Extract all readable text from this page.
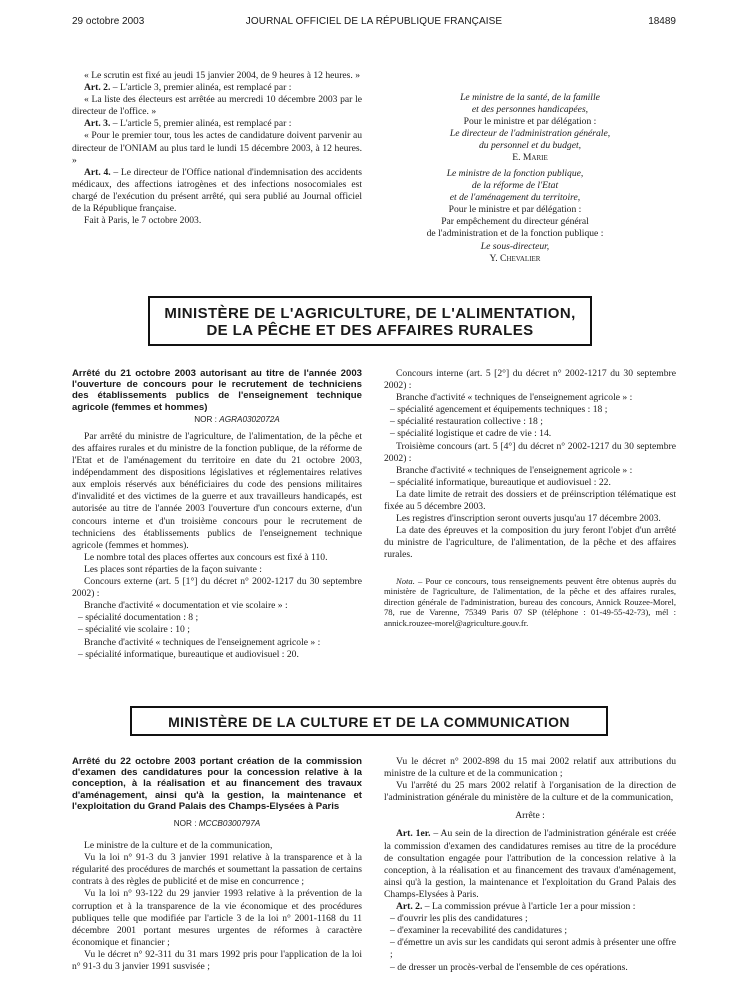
29 octobre 2003	JOURNAL OFFICIEL DE LA RÉPUBLIQUE FRANÇAISE	18489

« Le scrutin est fixé au jeudi 15 janvier 2004, de 9 heures à 12 heures. »

Art. 2. – L'article 3, premier alinéa, est remplacé par :

« La liste des électeurs est arrêtée au mercredi 10 décembre 2003 par le directeur de l'office. »

Art. 3. – L'article 5, premier alinéa, est remplacé par :

« Pour le premier tour, tous les actes de candidature doivent parvenir au directeur de l'ONIAM au plus tard le lundi 15 décembre 2003, à 12 heures. »

Art. 4. – Le directeur de l'Office national d'indemnisation des accidents médicaux, des affections iatrogènes et des infections nosocomiales est chargé de l'exécution du présent arrêté, qui sera publié au Journal officiel de la République française.

Fait à Paris, le 7 octobre 2003.

Le ministre de la santé, de la famille

et des personnes handicapées,

Pour le ministre et par délégation :

Le directeur de l'administration générale,

du personnel et du budget,

E. Marie

Le ministre de la fonction publique,

de la réforme de l'Etat

et de l'aménagement du territoire,

Pour le ministre et par délégation :

Par empêchement du directeur général

de l'administration et de la fonction publique :

Le sous-directeur,

Y. Chevalier

MINISTÈRE DE L'AGRICULTURE, DE L'ALIMENTATION,

DE LA PÊCHE ET DES AFFAIRES RURALES

Arrêté du 21 octobre 2003 autorisant au titre de l'année 2003 l'ouverture de concours pour le recrutement de techniciens des établissements publics de l'enseignement technique agricole (femmes et hommes)

NOR : AGRA0302072A

Par arrêté du ministre de l'agriculture, de l'alimentation, de la pêche et des affaires rurales et du ministre de la fonction publique, de la réforme de l'Etat et de l'aménagement du territoire en date du 21 octobre 2003, indépendamment des dispositions législatives et réglementaires relatives aux emplois réservés aux bénéficiaires du code des pensions militaires d'invalidité et des victimes de la guerre et aux travailleurs handicapés, est autorisée au titre de l'année 2003 l'ouverture d'un concours externe, d'un concours interne et d'un troisième concours pour le recrutement de techniciens des établissements publics de l'enseignement technique agricole (femmes et hommes).

Le nombre total des places offertes aux concours est fixé à 110.

Les places sont réparties de la façon suivante :

Concours externe (art. 5 [1°] du décret n° 2002-1217 du 30 septembre 2002) :

Branche d'activité « documentation et vie scolaire » :

– spécialité documentation : 8 ;

– spécialité vie scolaire : 10 ;

Branche d'activité « techniques de l'enseignement agricole » :

– spécialité informatique, bureautique et audiovisuel : 20.

Concours interne (art. 5 [2°] du décret n° 2002-1217 du 30 septembre 2002) :

Branche d'activité « techniques de l'enseignement agricole » :

– spécialité agencement et équipements techniques : 18 ;

– spécialité restauration collective : 18 ;

– spécialité logistique et cadre de vie : 14.

Troisième concours (art. 5 [4°] du décret n° 2002-1217 du 30 septembre 2002) :

Branche d'activité « techniques de l'enseignement agricole » :

– spécialité informatique, bureautique et audiovisuel : 22.

La date limite de retrait des dossiers et de préinscription télématique est fixée au 5 décembre 2003.

Les registres d'inscription seront ouverts jusqu'au 17 décembre 2003.

La date des épreuves et la composition du jury feront l'objet d'un arrêté du ministre de l'agriculture, de l'alimentation, de la pêche et des affaires rurales.

Nota. – Pour ce concours, tous renseignements peuvent être obtenus auprès du ministère de l'agriculture, de l'alimentation, de la pêche et des affaires rurales, direction générale de l'administration, bureau des concours, Annick Rouzee-Morel, 78, rue de Varenne, 75349 Paris 07 SP (téléphone : 01-49-55-42-73), mél : annick.rouzee-morel@agriculture.gouv.fr.

MINISTÈRE DE LA CULTURE ET DE LA COMMUNICATION

Arrêté du 22 octobre 2003 portant création de la commission d'examen des candidatures pour la concession relative à la conception, à la réalisation et au financement des travaux d'aménagement, ainsi qu'à la gestion, la maintenance et l'exploitation du Grand Palais des Champs-Elysées à Paris

NOR : MCCB0300797A

Le ministre de la culture et de la communication,

Vu la loi n° 91-3 du 3 janvier 1991 relative à la transparence et à la régularité des procédures de marchés et soumettant la passation de certains contrats à des règles de publicité et de mise en concurrence ;

Vu la loi n° 93-122 du 29 janvier 1993 relative à la prévention de la corruption et à la transparence de la vie économique et des procédures publiques telle que modifiée par l'article 3 de la loi n° 2001-1168 du 11 décembre 2001 portant mesures urgentes de réformes à caractère économique et financier ;

Vu le décret n° 92-311 du 31 mars 1992 pris pour l'application de la loi n° 91-3 du 3 janvier 1991 susvisée ;

Vu le décret n° 2002-898 du 15 mai 2002 relatif aux attributions du ministre de la culture et de la communication ;

Vu l'arrêté du 25 mars 2002 relatif à l'organisation de la direction de l'administration générale du ministère de la culture et de la communication,

Arrête :

Art. 1er. – Au sein de la direction de l'administration générale est créée la commission d'examen des candidatures remises au titre de la procédure de consultation engagée pour l'attribution de la concession relative à la conception, à la réalisation et au financement des travaux d'aménagement, ainsi qu'à la gestion, la maintenance et l'exploitation du Grand Palais des Champs-Elysées à Paris.

Art. 2. – La commission prévue à l'article 1er a pour mission :

– d'ouvrir les plis des candidatures ;

– d'examiner la recevabilité des candidatures ;

– d'émettre un avis sur les candidats qui seront admis à présenter une offre ;

– de dresser un procès-verbal de l'ensemble de ces opérations.
